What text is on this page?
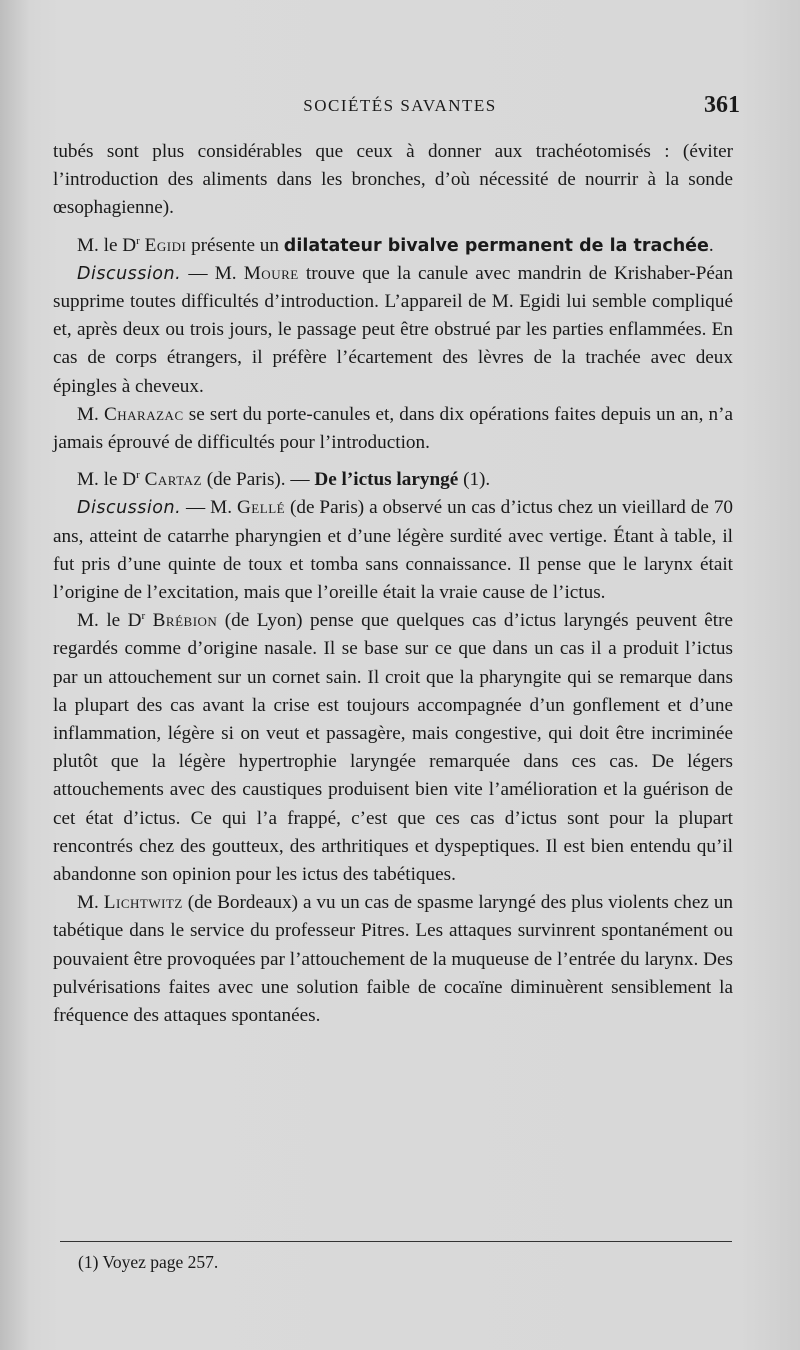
SOCIÉTÉS SAVANTES	361

tubés sont plus considérables que ceux à donner aux trachéotomisés : (éviter l’introduction des aliments dans les bronches, d’où nécessité de nourrir à la sonde œsophagienne).

M. le $D^r$ Egidi présente un dilatateur bivalve permanent de la trachée.

Discussion. — M. Moure trouve que la canule avec mandrin de Krishaber-Péan supprime toutes difficultés d’introduction. L’appareil de M. Egidi lui semble compliqué et, après deux ou trois jours, le passage peut être obstrué par les parties enflammées. En cas de corps étrangers, il préfère l’écartement des lèvres de la trachée avec deux épingles à cheveux.

M. Charazac se sert du porte-canules et, dans dix opérations faites depuis un an, n’a jamais éprouvé de difficultés pour l’introduction.

M. le $D^r$ Cartaz (de Paris). — De l’ictus laryngé (1).

Discussion. — M. Gellé (de Paris) a observé un cas d’ictus chez un vieillard de 70 ans, atteint de catarrhe pharyngien et d’une légère surdité avec vertige. Étant à table, il fut pris d’une quinte de toux et tomba sans connaissance. Il pense que le larynx était l’origine de l’excitation, mais que l’oreille était la vraie cause de l’ictus.

M. le $D^r$ Brébion (de Lyon) pense que quelques cas d’ictus laryngés peuvent être regardés comme d’origine nasale. Il se base sur ce que dans un cas il a produit l’ictus par un attouchement sur un cornet sain. Il croit que la pharyngite qui se remarque dans la plupart des cas avant la crise est toujours accompagnée d’un gonflement et d’une inflammation, légère si on veut et passagère, mais congestive, qui doit être incriminée plutôt que la légère hypertrophie laryngée remarquée dans ces cas. De légers attouchements avec des caustiques produisent bien vite l’amélioration et la guérison de cet état d’ictus. Ce qui l’a frappé, c’est que ces cas d’ictus sont pour la plupart rencontrés chez des goutteux, des arthritiques et dyspeptiques. Il est bien entendu qu’il abandonne son opinion pour les ictus des tabétiques.

M. Lichtwitz (de Bordeaux) a vu un cas de spasme laryngé des plus violents chez un tabétique dans le service du professeur Pitres. Les attaques survinrent spontanément ou pouvaient être provoquées par l’attouchement de la muqueuse de l’entrée du larynx. Des pulvérisations faites avec une solution faible de cocaïne diminuèrent sensiblement la fréquence des attaques spontanées.

(1) Voyez page 257.
